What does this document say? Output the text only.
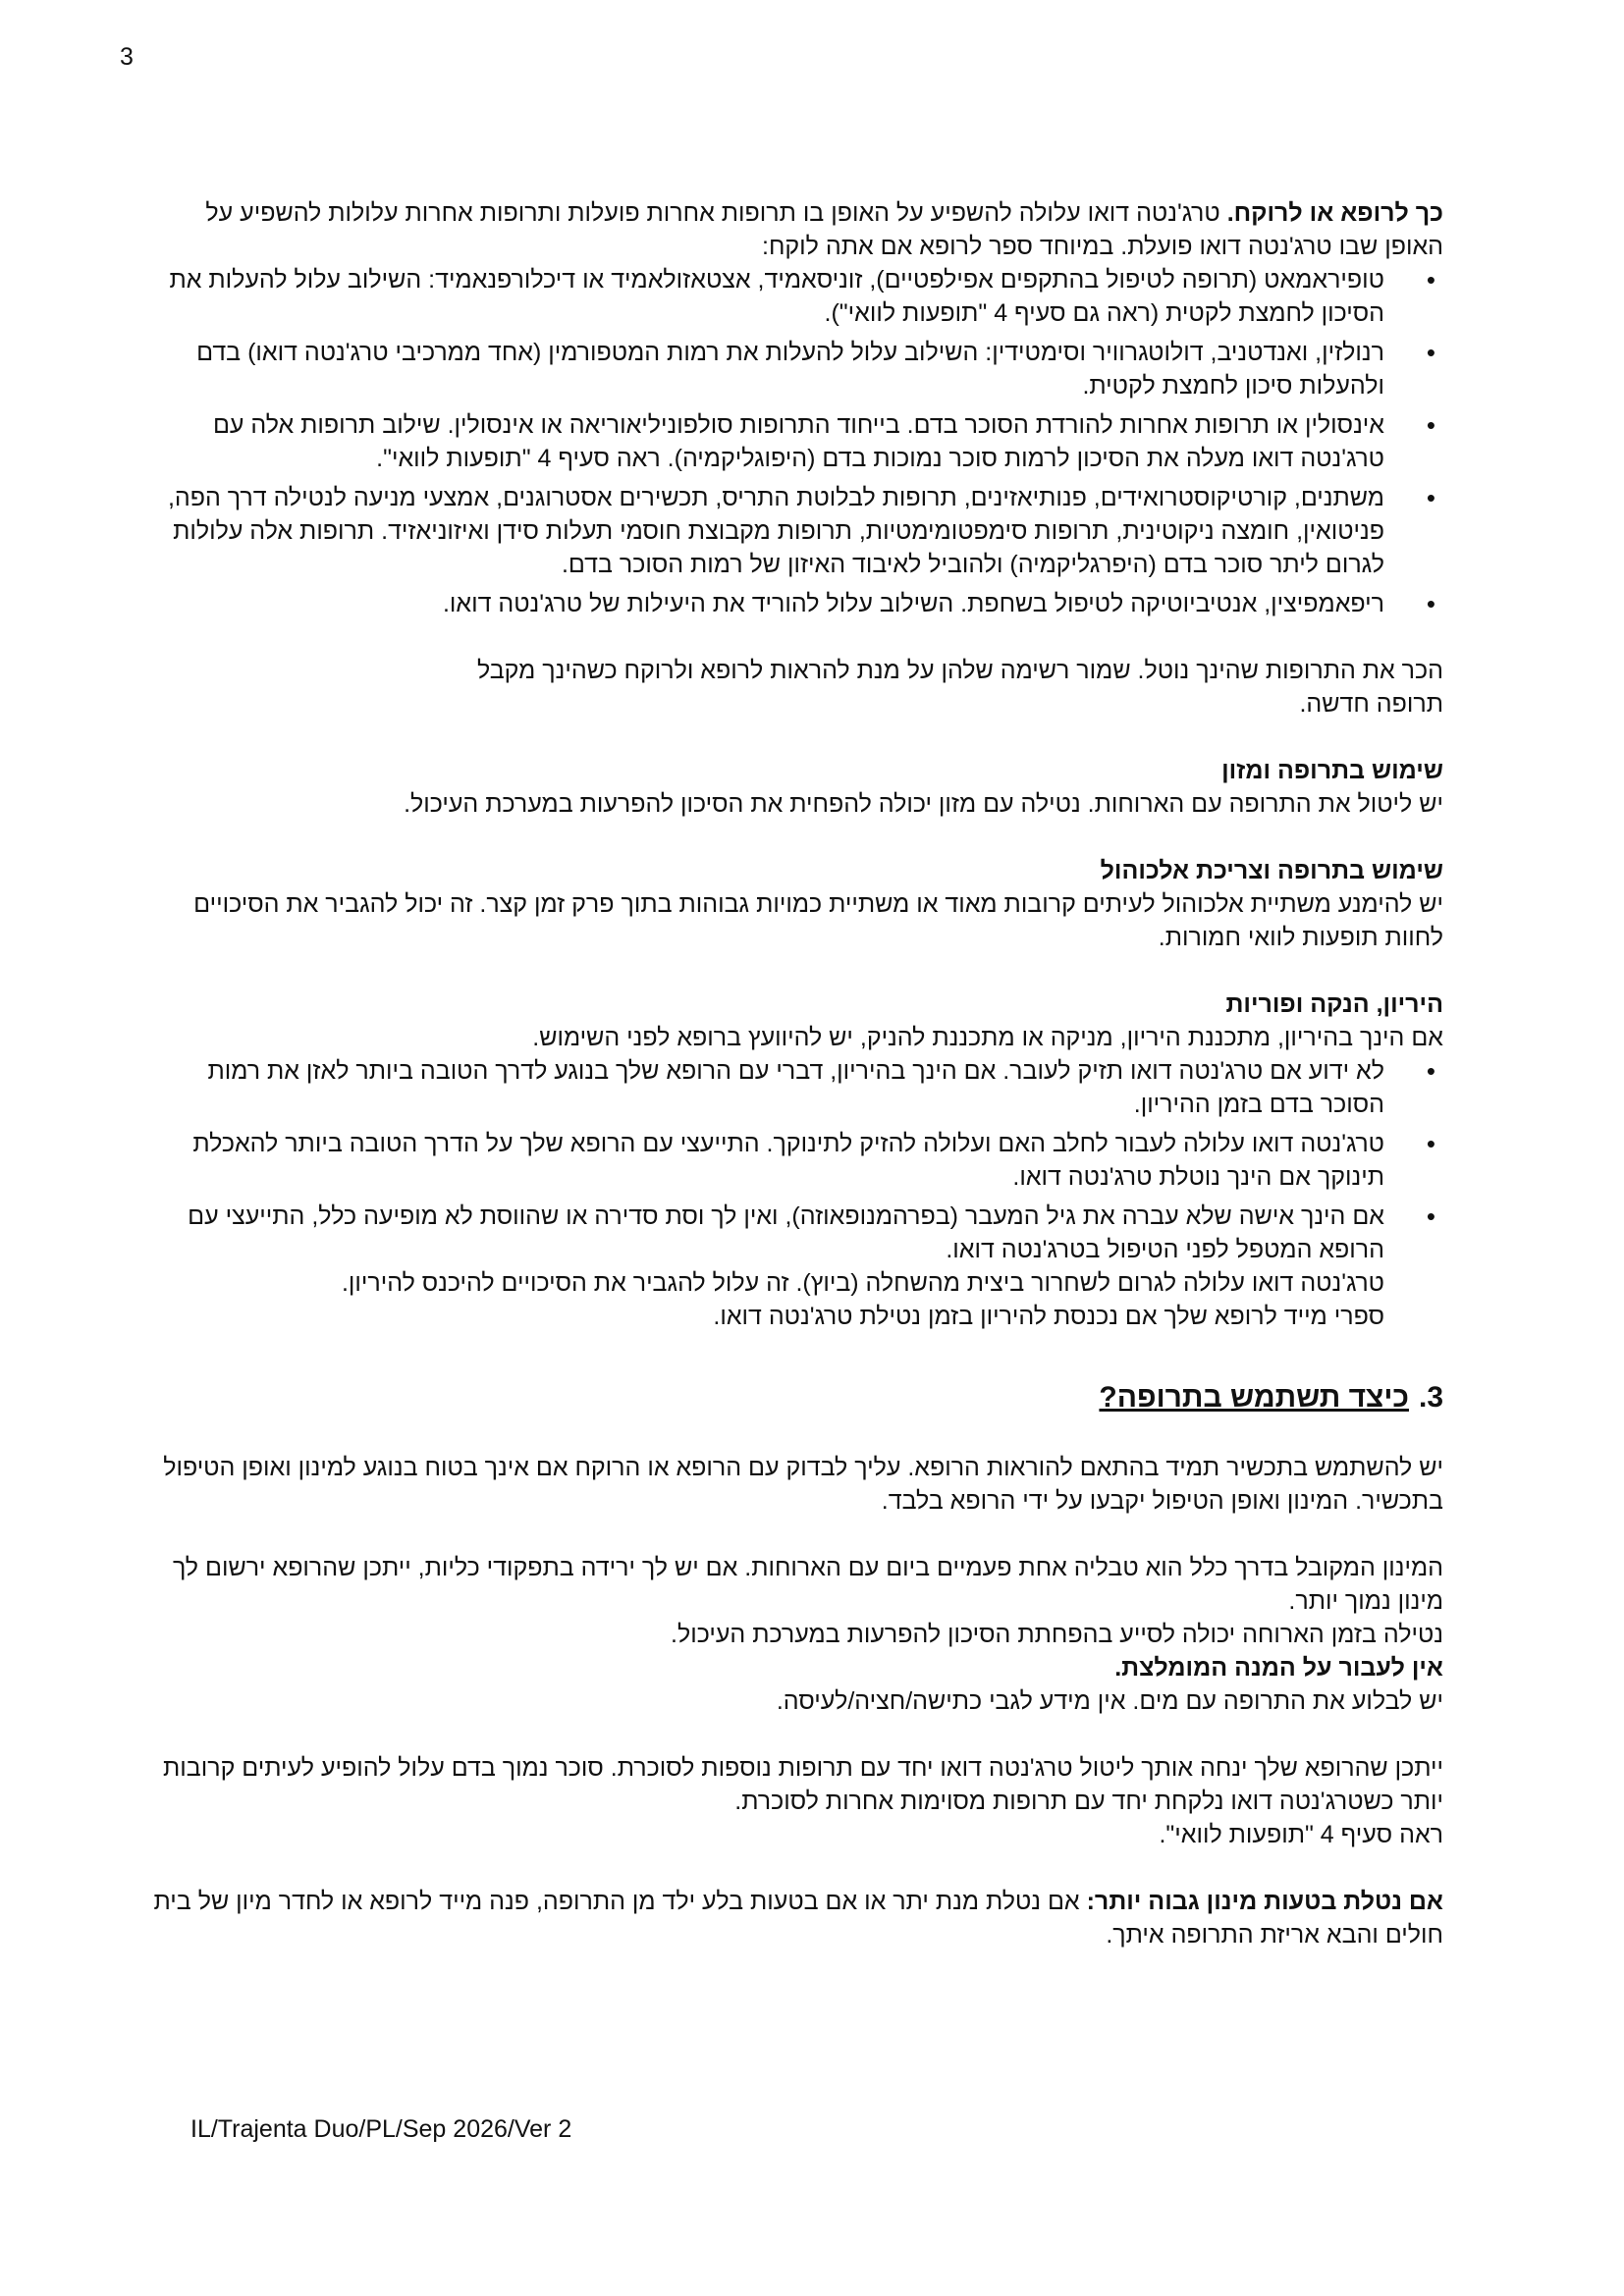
3

כך לרופא או לרוקח. טרג'נטה דואו עלולה להשפיע על האופן בו תרופות אחרות פועלות ותרופות אחרות עלולות להשפיע על האופן שבו טרג'נטה דואו פועלת. במיוחד ספר לרופא אם אתה לוקח:

• טופיראמאט (תרופה לטיפול בהתקפים אפילפטיים), זוניסאמיד, אצטאזולאמיד או דיכלורפנאמיד: השילוב עלול להעלות את הסיכון לחמצת לקטית (ראה גם סעיף 4 "תופעות לוואי").
• רנולזין, ואנדטניב, דולוטגרוויר וסימטידין: השילוב עלול להעלות את רמות המטפורמין (אחד ממרכיבי טרג'נטה דואו) בדם ולהעלות סיכון לחמצת לקטית.
• אינסולין או תרופות אחרות להורדת הסוכר בדם. בייחוד התרופות סולפוניליאוריאה או אינסולין. שילוב תרופות אלה עם טרג'נטה דואו מעלה את הסיכון לרמות סוכר נמוכות בדם (היפוגליקמיה). ראה סעיף 4 "תופעות לוואי".
• משתנים, קורטיקוסטרואידים, פנותיאזינים, תרופות לבלוטת התריס, תכשירים אסטרוגנים, אמצעי מניעה לנטילה דרך הפה, פניטואין, חומצה ניקוטינית, תרופות סימפטומימטיות, תרופות מקבוצת חוסמי תעלות סידן ואיזוניאזיד. תרופות אלה עלולות לגרום ליתר סוכר בדם (היפרגליקמיה) ולהוביל לאיבוד האיזון של רמות הסוכר בדם.
• ריפאמפיצין, אנטיביוטיקה לטיפול בשחפת. השילוב עלול להוריד את היעילות של טרג'נטה דואו.

הכר את התרופות שהינך נוטל. שמור רשימה שלהן על מנת להראות לרופא ולרוקח כשהינך מקבל תרופה חדשה.

שימוש בתרופה ומזון

יש ליטול את התרופה עם הארוחות. נטילה עם מזון יכולה להפחית את הסיכון להפרעות במערכת העיכול.

שימוש בתרופה וצריכת אלכוהול

יש להימנע משתיית אלכוהול לעיתים קרובות מאוד או משתיית כמויות גבוהות בתוך פרק זמן קצר. זה יכול להגביר את הסיכויים לחוות תופעות לוואי חמורות.

היריון, הנקה ופוריות

אם הינך בהיריון, מתכננת היריון, מניקה או מתכננת להניק, יש להיוועץ ברופא לפני השימוש.

• לא ידוע אם טרג'נטה דואו תזיק לעובר. אם הינך בהיריון, דברי עם הרופא שלך בנוגע לדרך הטובה ביותר לאזן את רמות הסוכר בדם בזמן ההיריון.
• טרג'נטה דואו עלולה לעבור לחלב האם ועלולה להזיק לתינוקך. התייעצי עם הרופא שלך על הדרך הטובה ביותר להאכלת תינוקך אם הינך נוטלת טרג'נטה דואו.
• אם הינך אישה שלא עברה את גיל המעבר (בפרהמנופאוזה), ואין לך וסת סדירה או שהווסת לא מופיעה כלל, התייעצי עם הרופא המטפל לפני הטיפול בטרג'נטה דואו.

טרג'נטה דואו עלולה לגרום לשחרור ביצית מהשחלה (ביוץ). זה עלול להגביר את הסיכויים להיכנס להיריון.

ספרי מייד לרופא שלך אם נכנסת להיריון בזמן נטילת טרג'נטה דואו.

3.כיצד תשתמש בתרופה?

יש להשתמש בתכשיר תמיד בהתאם להוראות הרופא. עליך לבדוק עם הרופא או הרוקח אם אינך בטוח בנוגע למינון ואופן הטיפול בתכשיר. המינון ואופן הטיפול יקבעו על ידי הרופא בלבד.

המינון המקובל בדרך כלל הוא טבליה אחת פעמיים ביום עם הארוחות. אם יש לך ירידה בתפקודי כליות, ייתכן שהרופא ירשום לך מינון נמוך יותר.

נטילה בזמן הארוחה יכולה לסייע בהפחתת הסיכון להפרעות במערכת העיכול.

אין לעבור על המנה המומלצת.

יש לבלוע את התרופה עם מים. אין מידע לגבי כתישה/חציה/לעיסה.

ייתכן שהרופא שלך ינחה אותך ליטול טרג'נטה דואו יחד עם תרופות נוספות לסוכרת. סוכר נמוך בדם עלול להופיע לעיתים קרובות יותר כשטרג'נטה דואו נלקחת יחד עם תרופות מסוימות אחרות לסוכרת.

ראה סעיף 4 "תופעות לוואי".

אם נטלת בטעות מינון גבוה יותר: אם נטלת מנת יתר או אם בטעות בלע ילד מן התרופה, פנה מייד לרופא או לחדר מיון של בית חולים והבא אריזת התרופה איתך.

IL/Trajenta Duo/PL/Sep 2026/Ver 2
